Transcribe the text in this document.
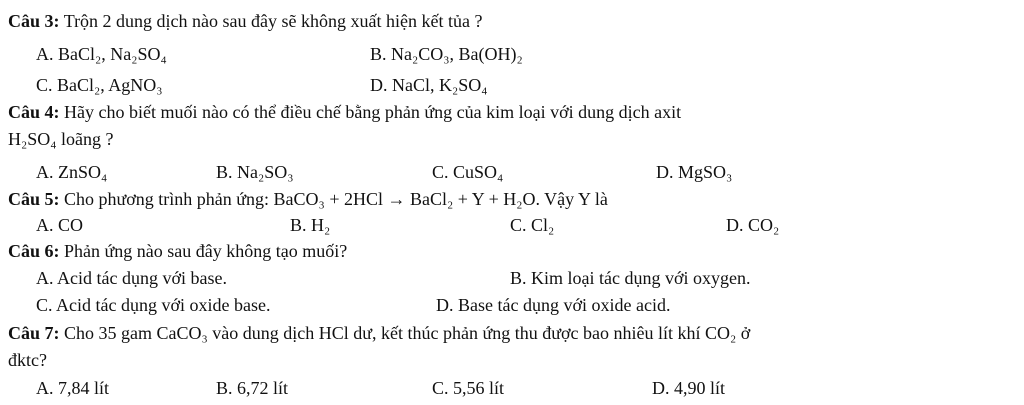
Câu 3: Trộn 2 dung dịch nào sau đây sẽ không xuất hiện kết tủa ?
A. BaCl₂, Na₂SO₄	B. Na₂CO₃, Ba(OH)₂
C. BaCl₂, AgNO₃	D. NaCl, K₂SO₄
Câu 4: Hãy cho biết muối nào có thể điều chế bằng phản ứng của kim loại với dung dịch axit
H₂SO₄ loãng ?
A. ZnSO₄	B. Na₂SO₃	C. CuSO₄	D. MgSO₃
Câu 5: Cho phương trình phản ứng: BaCO₃ + 2HCl → BaCl₂ + Y + H₂O. Vậy Y là
A. CO	B. H₂	C. Cl₂	D. CO₂
Câu 6: Phản ứng nào sau đây không tạo muối?
A. Acid tác dụng với base.	B. Kim loại tác dụng với oxygen.
C. Acid tác dụng với oxide base.	D. Base tác dụng với oxide acid.
Câu 7: Cho 35 gam CaCO₃ vào dung dịch HCl dư, kết thúc phản ứng thu được bao nhiêu lít khí CO₂ ở
đktc?
A. 7,84 lít	B. 6,72 lít	C. 5,56 lít	D. 4,90 lít
